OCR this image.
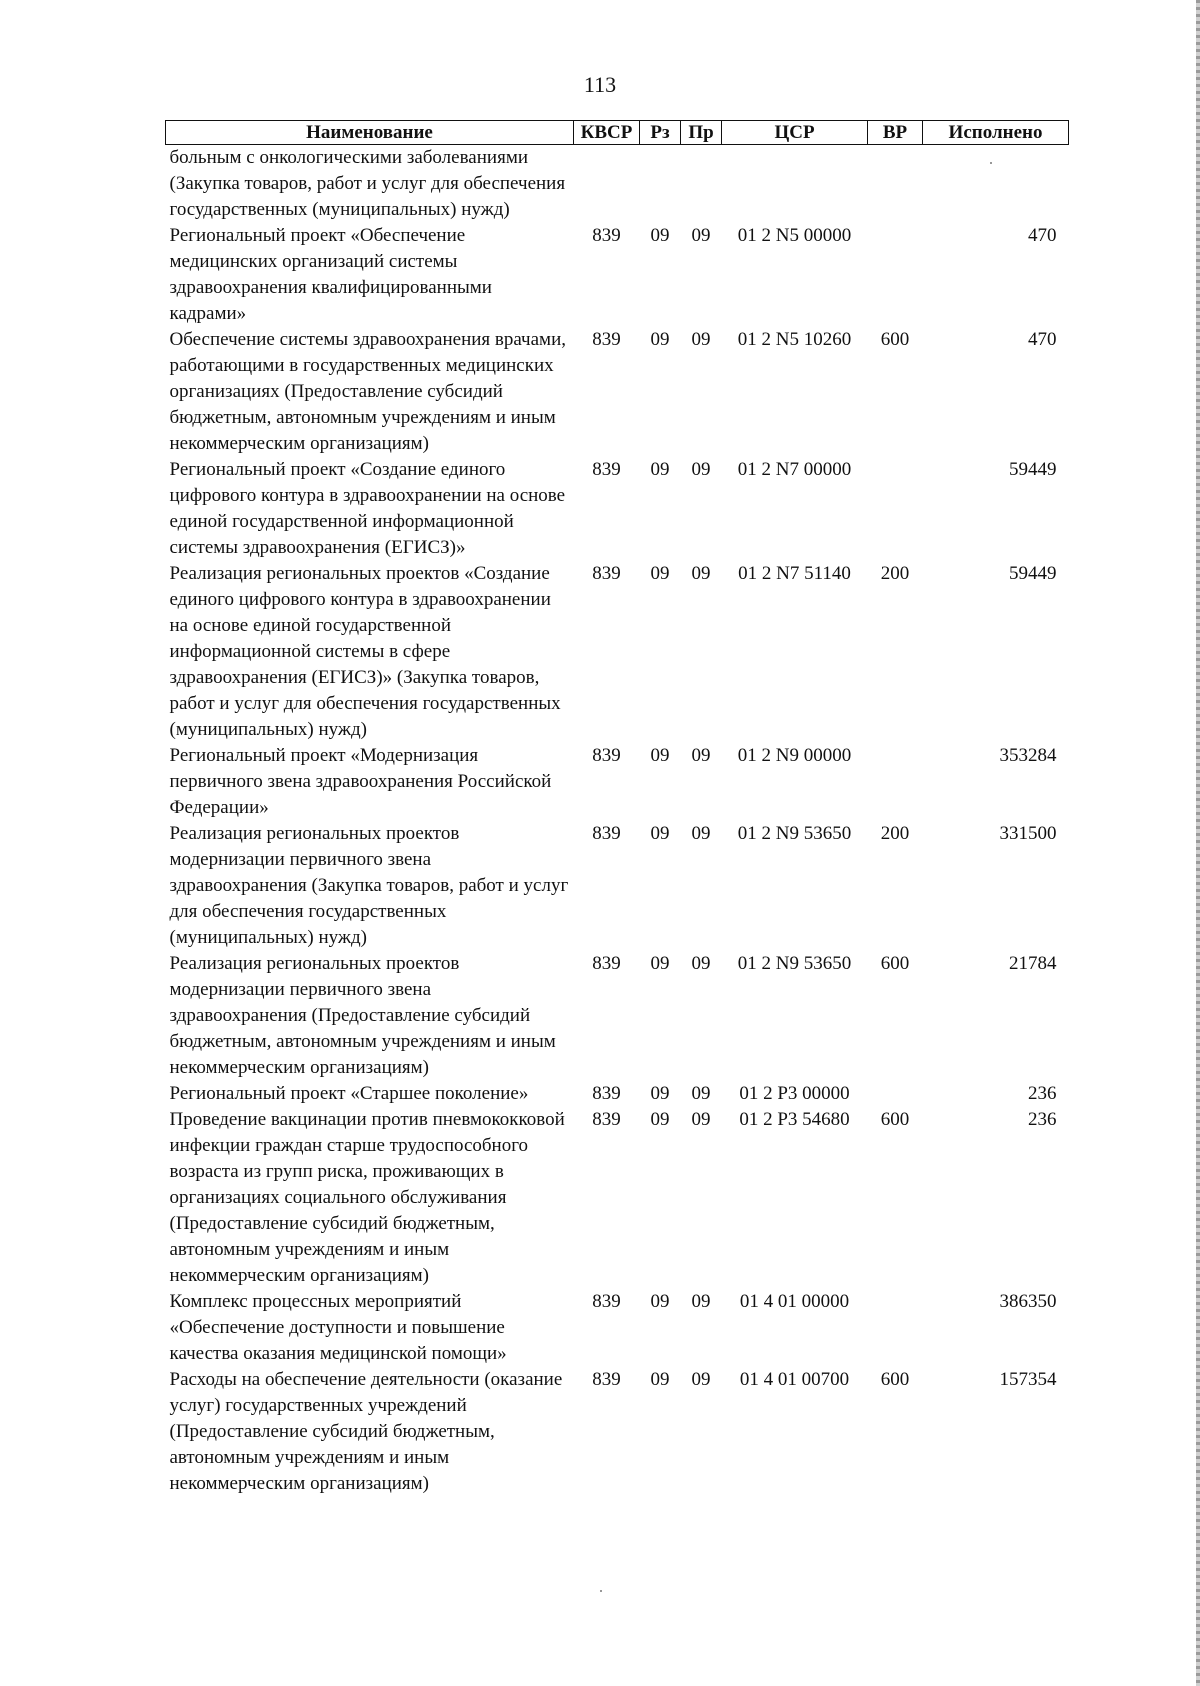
113
Наименование	КВСР	Рз	Пр	ЦСР	ВР	Исполнено
больным с онкологическими заболеваниями (Закупка товаров, работ и услуг для обеспечения государственных (муниципальных) нужд)						
Региональный проект «Обеспечение медицинских организаций системы здравоохранения квалифицированными кадрами»	839	09	09	01 2 N5 00000		470
Обеспечение системы здравоохранения врачами, работающими в государственных медицинских организациях (Предоставление субсидий бюджетным, автономным учреждениям и иным некоммерческим организациям)	839	09	09	01 2 N5 10260	600	470
Региональный проект «Создание единого цифрового контура в здравоохранении на основе единой государственной информационной системы здравоохранения (ЕГИСЗ)»	839	09	09	01 2 N7 00000		59449
Реализация региональных проектов «Создание единого цифрового контура в здравоохранении на основе единой государственной информационной системы в сфере здравоохранения (ЕГИСЗ)» (Закупка товаров, работ и услуг для обеспечения государственных (муниципальных) нужд)	839	09	09	01 2 N7 51140	200	59449
Региональный проект «Модернизация первичного звена здравоохранения Российской Федерации»	839	09	09	01 2 N9 00000		353284
Реализация региональных проектов модернизации первичного звена здравоохранения (Закупка товаров, работ и услуг для обеспечения государственных (муниципальных) нужд)	839	09	09	01 2 N9 53650	200	331500
Реализация региональных проектов модернизации первичного звена здравоохранения (Предоставление субсидий бюджетным, автономным учреждениям и иным некоммерческим организациям)	839	09	09	01 2 N9 53650	600	21784
Региональный проект «Старшее поколение»	839	09	09	01 2 P3 00000		236
Проведение вакцинации против пневмококковой инфекции граждан старше трудоспособного возраста из групп риска, проживающих в организациях социального обслуживания (Предоставление субсидий бюджетным, автономным учреждениям и иным некоммерческим организациям)	839	09	09	01 2 P3 54680	600	236
Комплекс процессных мероприятий «Обеспечение доступности и повышение качества оказания медицинской помощи»	839	09	09	01 4 01 00000		386350
Расходы на обеспечение деятельности (оказание услуг) государственных учреждений (Предоставление субсидий бюджетным, автономным учреждениям и иным некоммерческим организациям)	839	09	09	01 4 01 00700	600	157354
